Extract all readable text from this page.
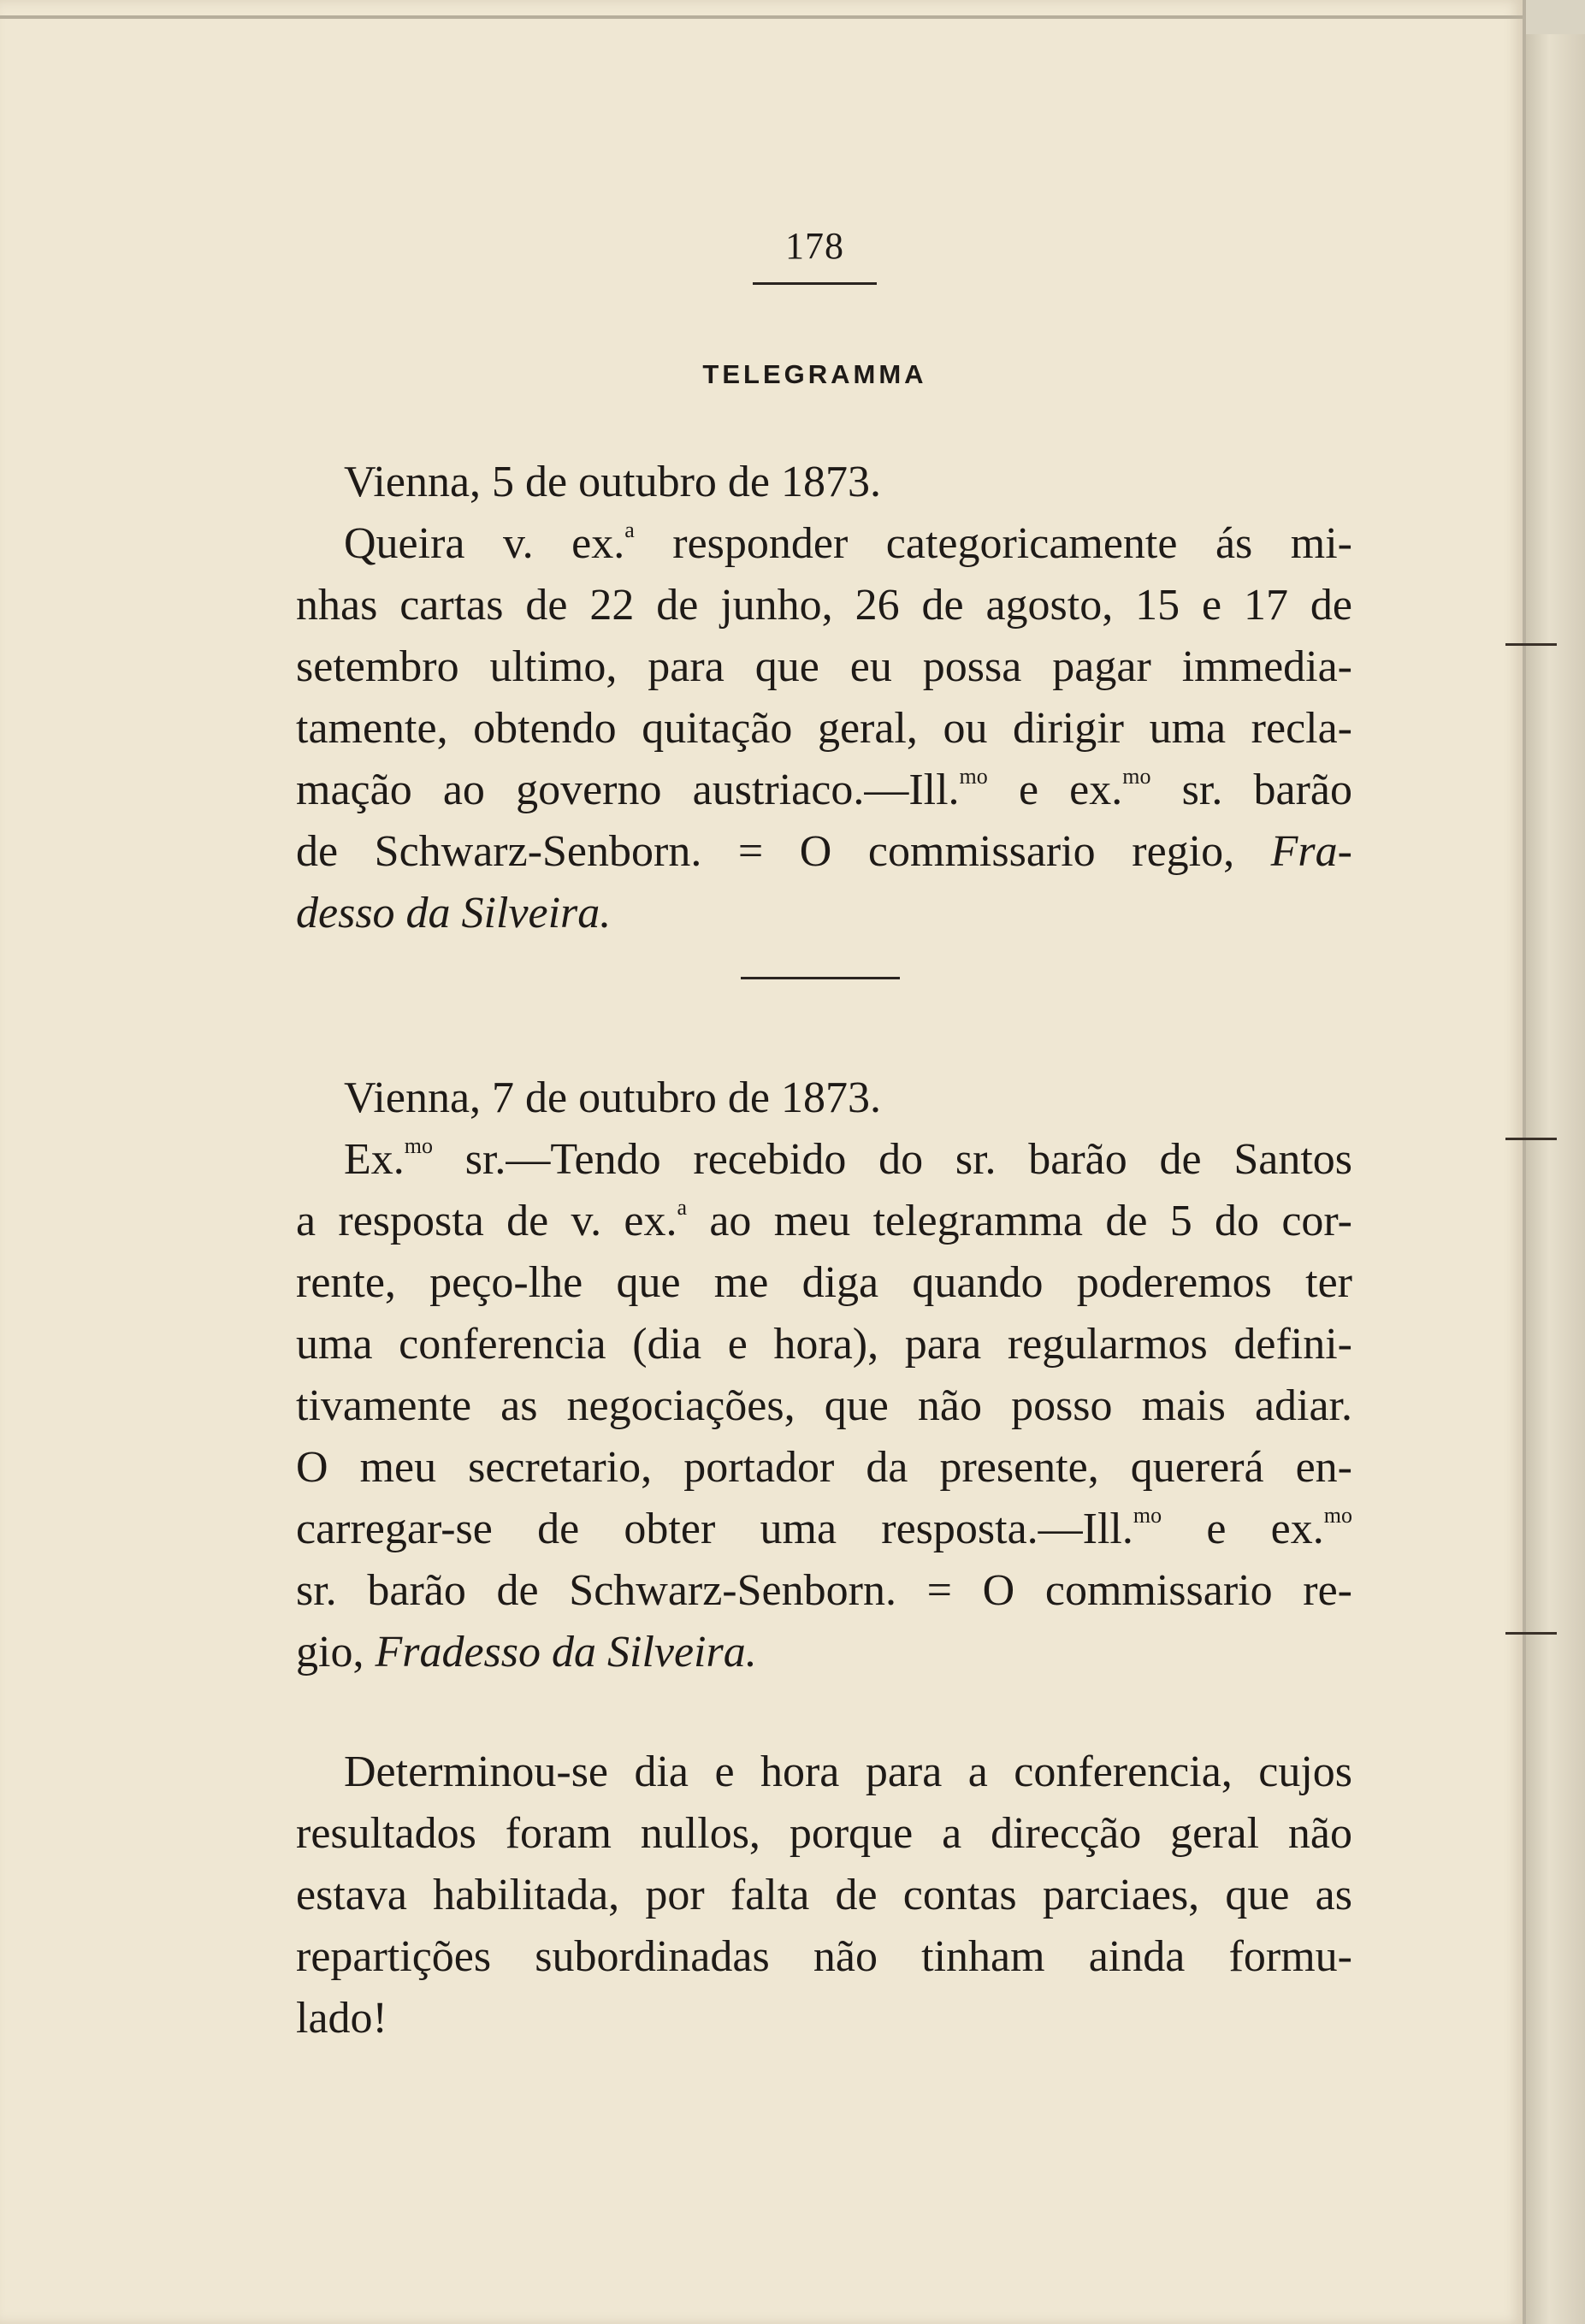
178
TELEGRAMMA
Vienna, 5 de outubro de 1873.
Queira v. ex.$^a$ responder categoricamente ás mi-
nhas cartas de 22 de junho, 26 de agosto, 15 e 17 de
setembro ultimo, para que eu possa pagar immedia-
tamente, obtendo quitação geral, ou dirigir uma recla-
mação ao governo austriaco.—Ill.$^{mo}$ e ex.$^{mo}$ sr. barão
de Schwarz-Senborn. = O commissario regio, Fra-
desso da Silveira.
Vienna, 7 de outubro de 1873.
Ex.$^{mo}$ sr.—Tendo recebido do sr. barão de Santos
a resposta de v. ex.$^a$ ao meu telegramma de 5 do cor-
rente, peço-lhe que me diga quando poderemos ter
uma conferencia (dia e hora), para regularmos defini-
tivamente as negociações, que não posso mais adiar.
O meu secretario, portador da presente, quererá en-
carregar-se de obter uma resposta.—Ill.$^{mo}$ e ex.$^{mo}$
sr. barão de Schwarz-Senborn. = O commissario re-
gio, Fradesso da Silveira.
Determinou-se dia e hora para a conferencia, cujos
resultados foram nullos, porque a direcção geral não
estava habilitada, por falta de contas parciaes, que as
repartições subordinadas não tinham ainda formu-
lado!
